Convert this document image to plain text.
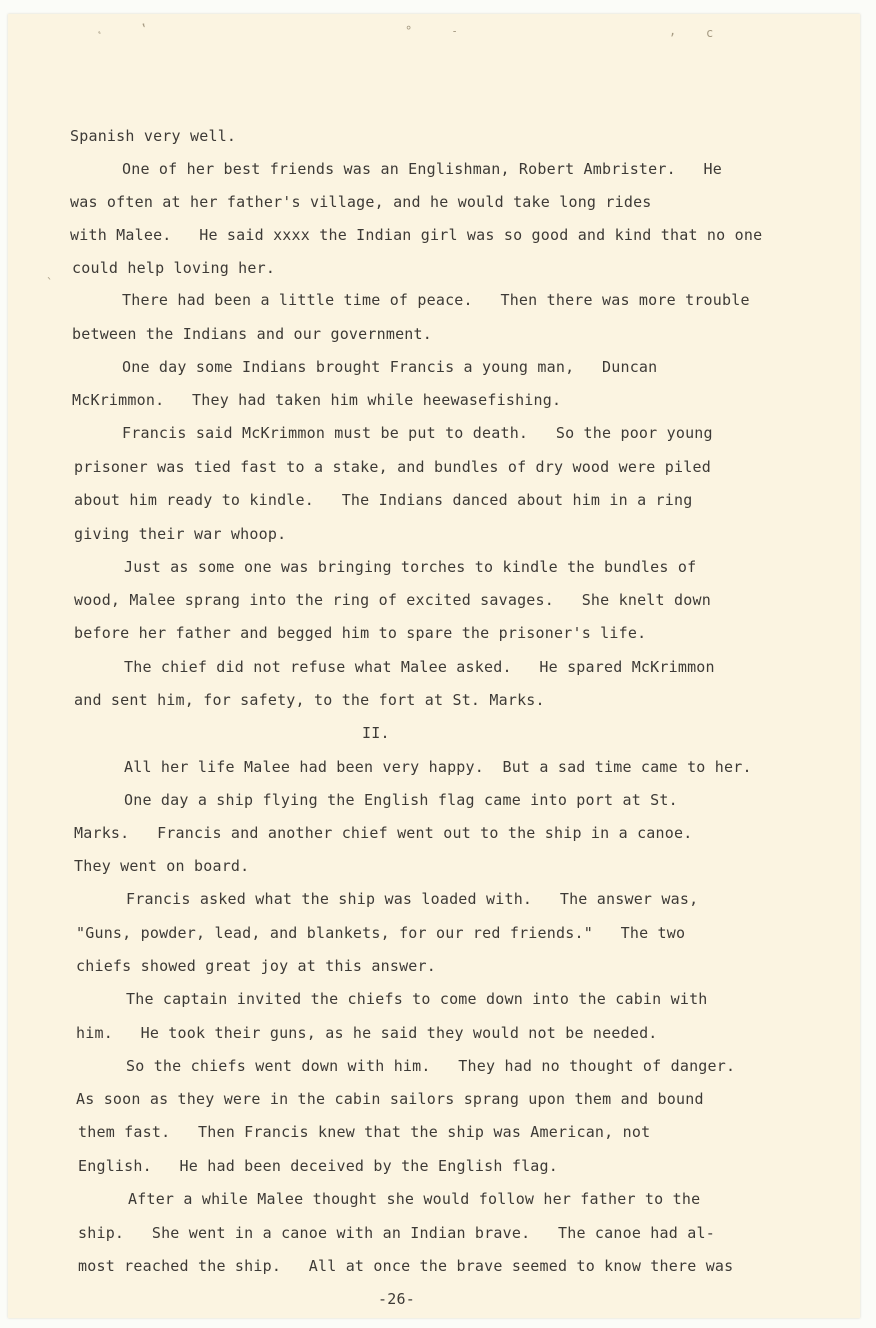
˛	‛	°	˗	‚ c
`
Spanish very well.
One of her best friends was an Englishman, Robert Ambrister.   He
was often at her father's village, and he would take long rides
with Malee.   He said xxxx the Indian girl was so good and kind that no one
could help loving her.
There had been a little time of peace.   Then there was more trouble
between the Indians and our government.
One day some Indians brought Francis a young man,   Duncan
McKrimmon.   They had taken him while heewasefishing.
Francis said McKrimmon must be put to death.   So the poor young
prisoner was tied fast to a stake, and bundles of dry wood were piled
about him ready to kindle.   The Indians danced about him in a ring
giving their war whoop.
Just as some one was bringing torches to kindle the bundles of
wood, Malee sprang into the ring of excited savages.   She knelt down
before her father and begged him to spare the prisoner's life.
The chief did not refuse what Malee asked.   He spared McKrimmon
and sent him, for safety, to the fort at St. Marks.
II.
All her life Malee had been very happy.  But a sad time came to her.
One day a ship flying the English flag came into port at St.
Marks.   Francis and another chief went out to the ship in a canoe.
They went on board.
Francis asked what the ship was loaded with.   The answer was,
"Guns, powder, lead, and blankets, for our red friends."   The two
chiefs showed great joy at this answer.
The captain invited the chiefs to come down into the cabin with
him.   He took their guns, as he said they would not be needed.
So the chiefs went down with him.   They had no thought of danger.
As soon as they were in the cabin sailors sprang upon them and bound
them fast.   Then Francis knew that the ship was American, not
English.   He had been deceived by the English flag.
After a while Malee thought she would follow her father to the
ship.   She went in a canoe with an Indian brave.   The canoe had al-
most reached the ship.   All at once the brave seemed to know there was
-26-
